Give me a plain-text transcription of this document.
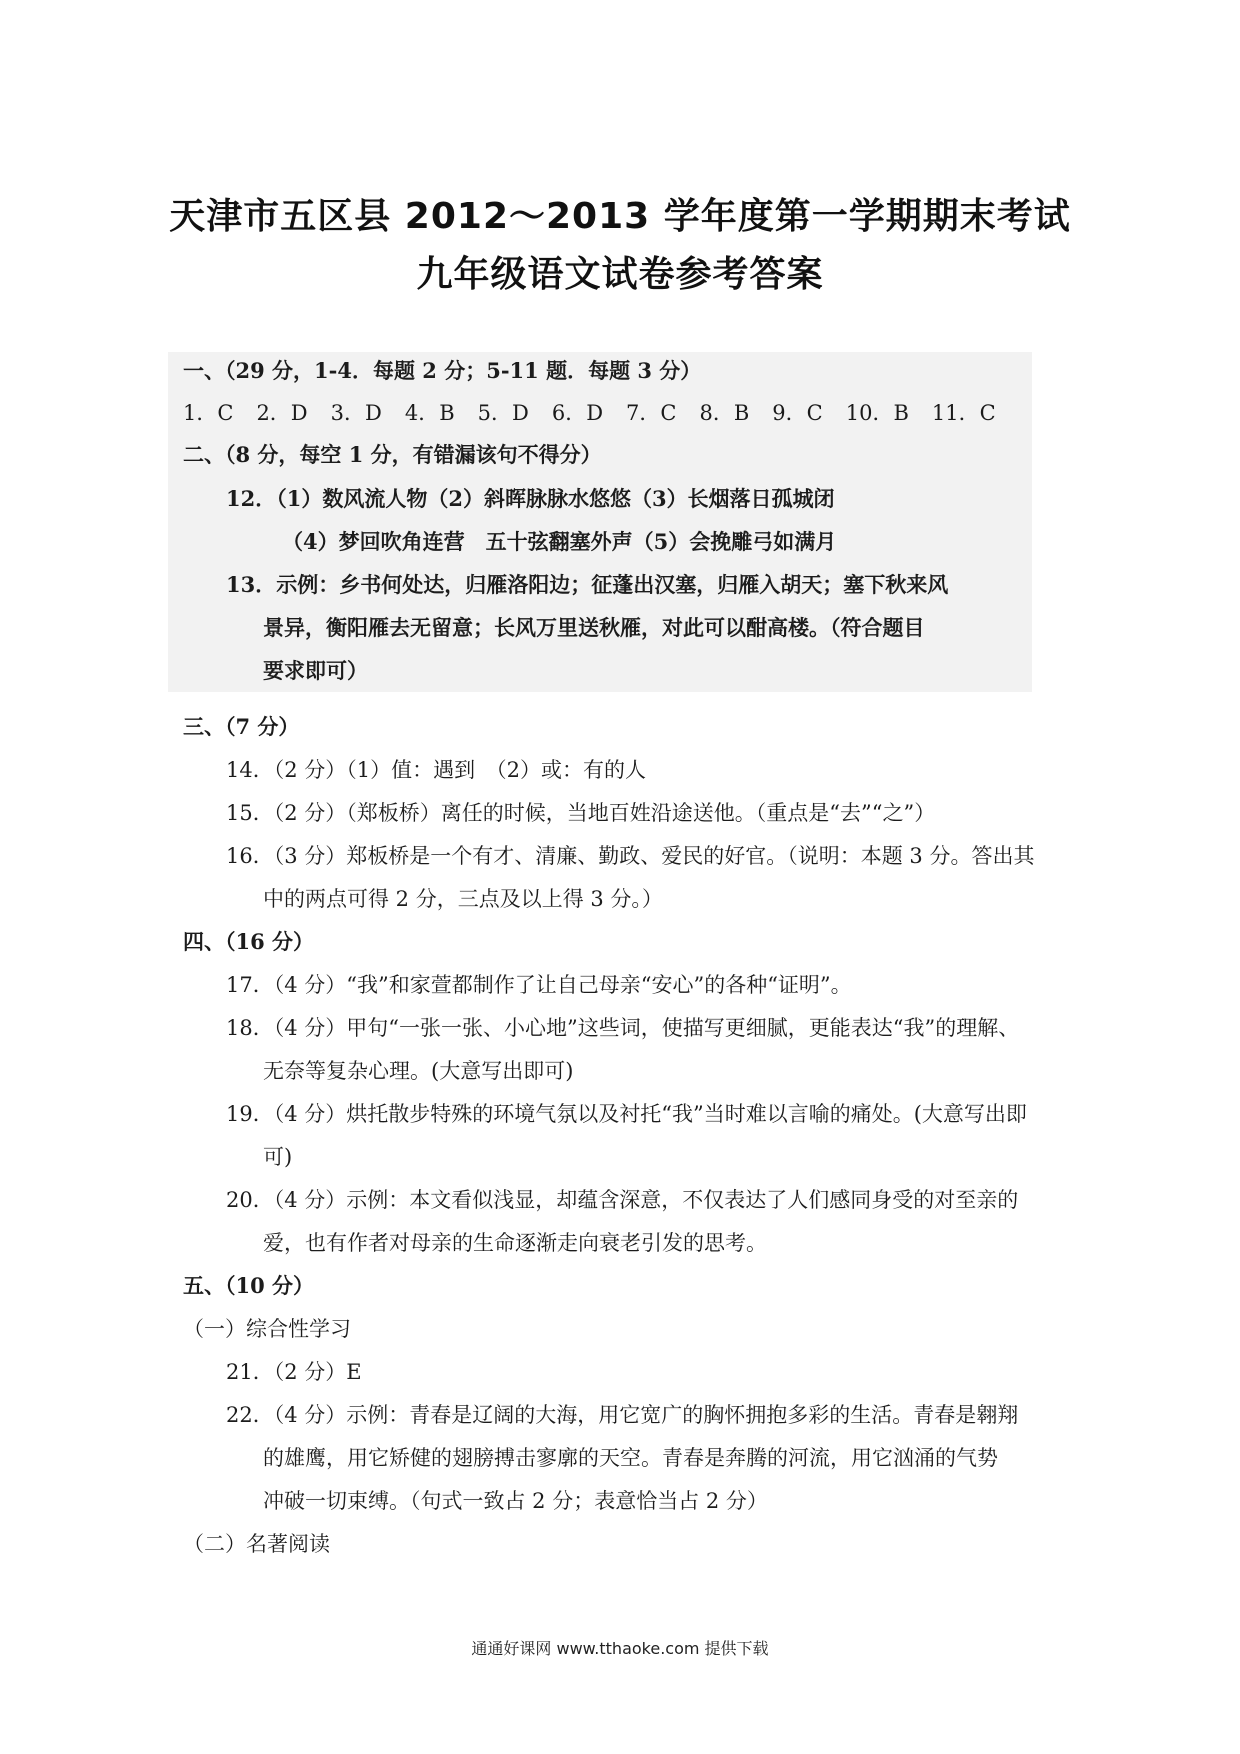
天津市五区县 2012～2013 学年度第一学期期末考试
九年级语文试卷参考答案
一、（29 分，1-4．每题 2 分；5-11 题．每题 3 分）
1．C 2．D 3．D 4．B 5．D 6．D 7．C 8．B 9．C 10．B 11．C
二、（8 分，每空 1 分，有错漏该句不得分）
12．（1）数风流人物（2）斜晖脉脉水悠悠（3）长烟落日孤城闭
（4）梦回吹角连营　五十弦翻塞外声（5）会挽雕弓如满月
13．示例：乡书何处达，归雁洛阳边；征蓬出汉塞，归雁入胡天；塞下秋来风
景异，衡阳雁去无留意；长风万里送秋雁，对此可以酣高楼。（符合题目
要求即可）
三、（7 分）
14．（2 分）（1）值：遇到　（2）或：有的人
15．（2 分）（郑板桥）离任的时候，当地百姓沿途送他。（重点是“去”“之”）
16．（3 分）郑板桥是一个有才、清廉、勤政、爱民的好官。（说明：本题 3 分。答出其
中的两点可得 2 分，三点及以上得 3 分。）
四、（16 分）
17．（4 分）“我”和家萱都制作了让自己母亲“安心”的各种“证明”。
18．（4 分）甲句“一张一张、小心地”这些词，使描写更细腻，更能表达“我”的理解、
无奈等复杂心理。(大意写出即可)
19．（4 分）烘托散步特殊的环境气氛以及衬托“我”当时难以言喻的痛处。(大意写出即
可)
20．（4 分）示例：本文看似浅显，却蕴含深意，不仅表达了人们感同身受的对至亲的
爱，也有作者对母亲的生命逐渐走向衰老引发的思考。
五、（10 分）
（一）综合性学习
21．（2 分）E
22．（4 分）示例：青春是辽阔的大海，用它宽广的胸怀拥抱多彩的生活。青春是翱翔
的雄鹰，用它矫健的翅膀搏击寥廓的天空。青春是奔腾的河流，用它汹涌的气势
冲破一切束缚。（句式一致占 2 分；表意恰当占 2 分）
（二）名著阅读
通通好课网 www.tthaoke.com 提供下载
